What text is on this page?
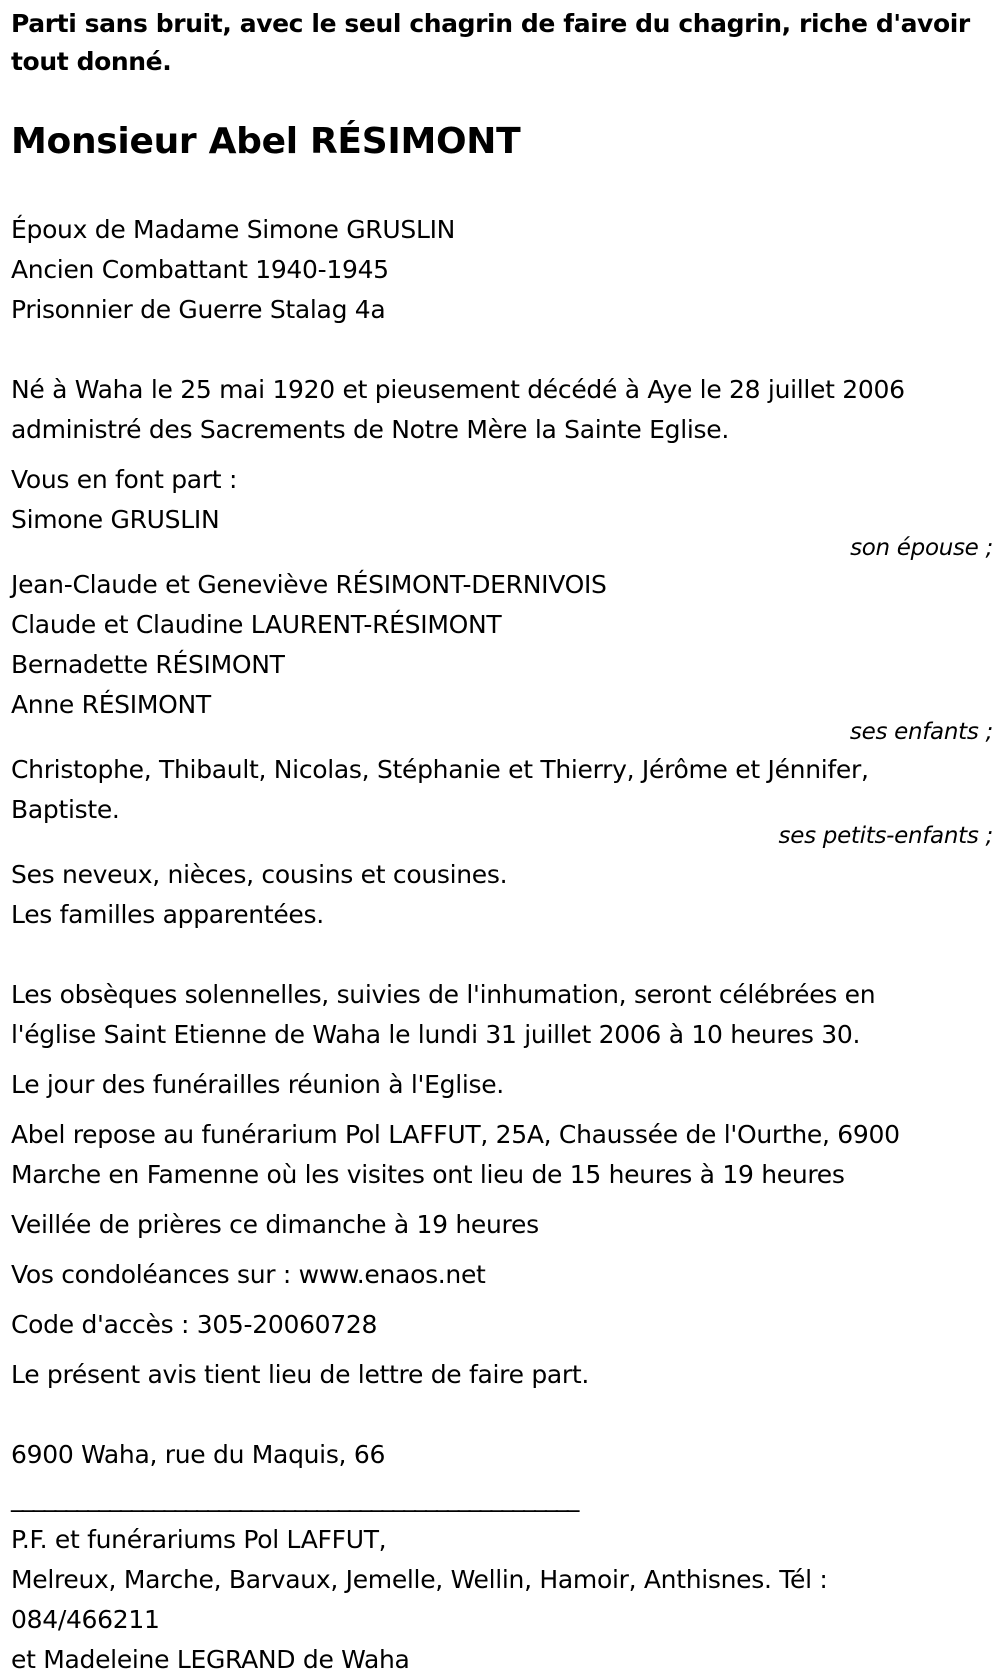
Parti sans bruit, avec le seul chagrin de faire du chagrin, riche d'avoir
tout donné.
Monsieur Abel RÉSIMONT
Époux de Madame Simone GRUSLIN
Ancien Combattant 1940-1945
Prisonnier de Guerre Stalag 4a
Né à Waha le 25 mai 1920 et pieusement décédé à Aye le 28 juillet 2006
administré des Sacrements de Notre Mère la Sainte Eglise.
Vous en font part :
Simone GRUSLIN
son épouse ;
Jean-Claude et Geneviève RÉSIMONT-DERNIVOIS
Claude et Claudine LAURENT-RÉSIMONT
Bernadette RÉSIMONT
Anne RÉSIMONT
ses enfants ;
Christophe, Thibault, Nicolas, Stéphanie et Thierry, Jérôme et Jénnifer,
Baptiste.
ses petits-enfants ;
Ses neveux, nièces, cousins et cousines.
Les familles apparentées.
Les obsèques solennelles, suivies de l'inhumation, seront célébrées en
l'église Saint Etienne de Waha le lundi 31 juillet 2006 à 10 heures 30.
Le jour des funérailles réunion à l'Eglise.
Abel repose au funérarium Pol LAFFUT, 25A, Chaussée de l'Ourthe, 6900
Marche en Famenne où les visites ont lieu de 15 heures à 19 heures
Veillée de prières ce dimanche à 19 heures
Vos condoléances sur : www.enaos.net
Code d'accès : 305-20060728
Le présent avis tient lieu de lettre de faire part.
6900 Waha, rue du Maquis, 66
____________________________________________________
P.F. et funérariums Pol LAFFUT,
Melreux, Marche, Barvaux, Jemelle, Wellin, Hamoir, Anthisnes. Tél :
084/466211
et Madeleine LEGRAND de Waha
